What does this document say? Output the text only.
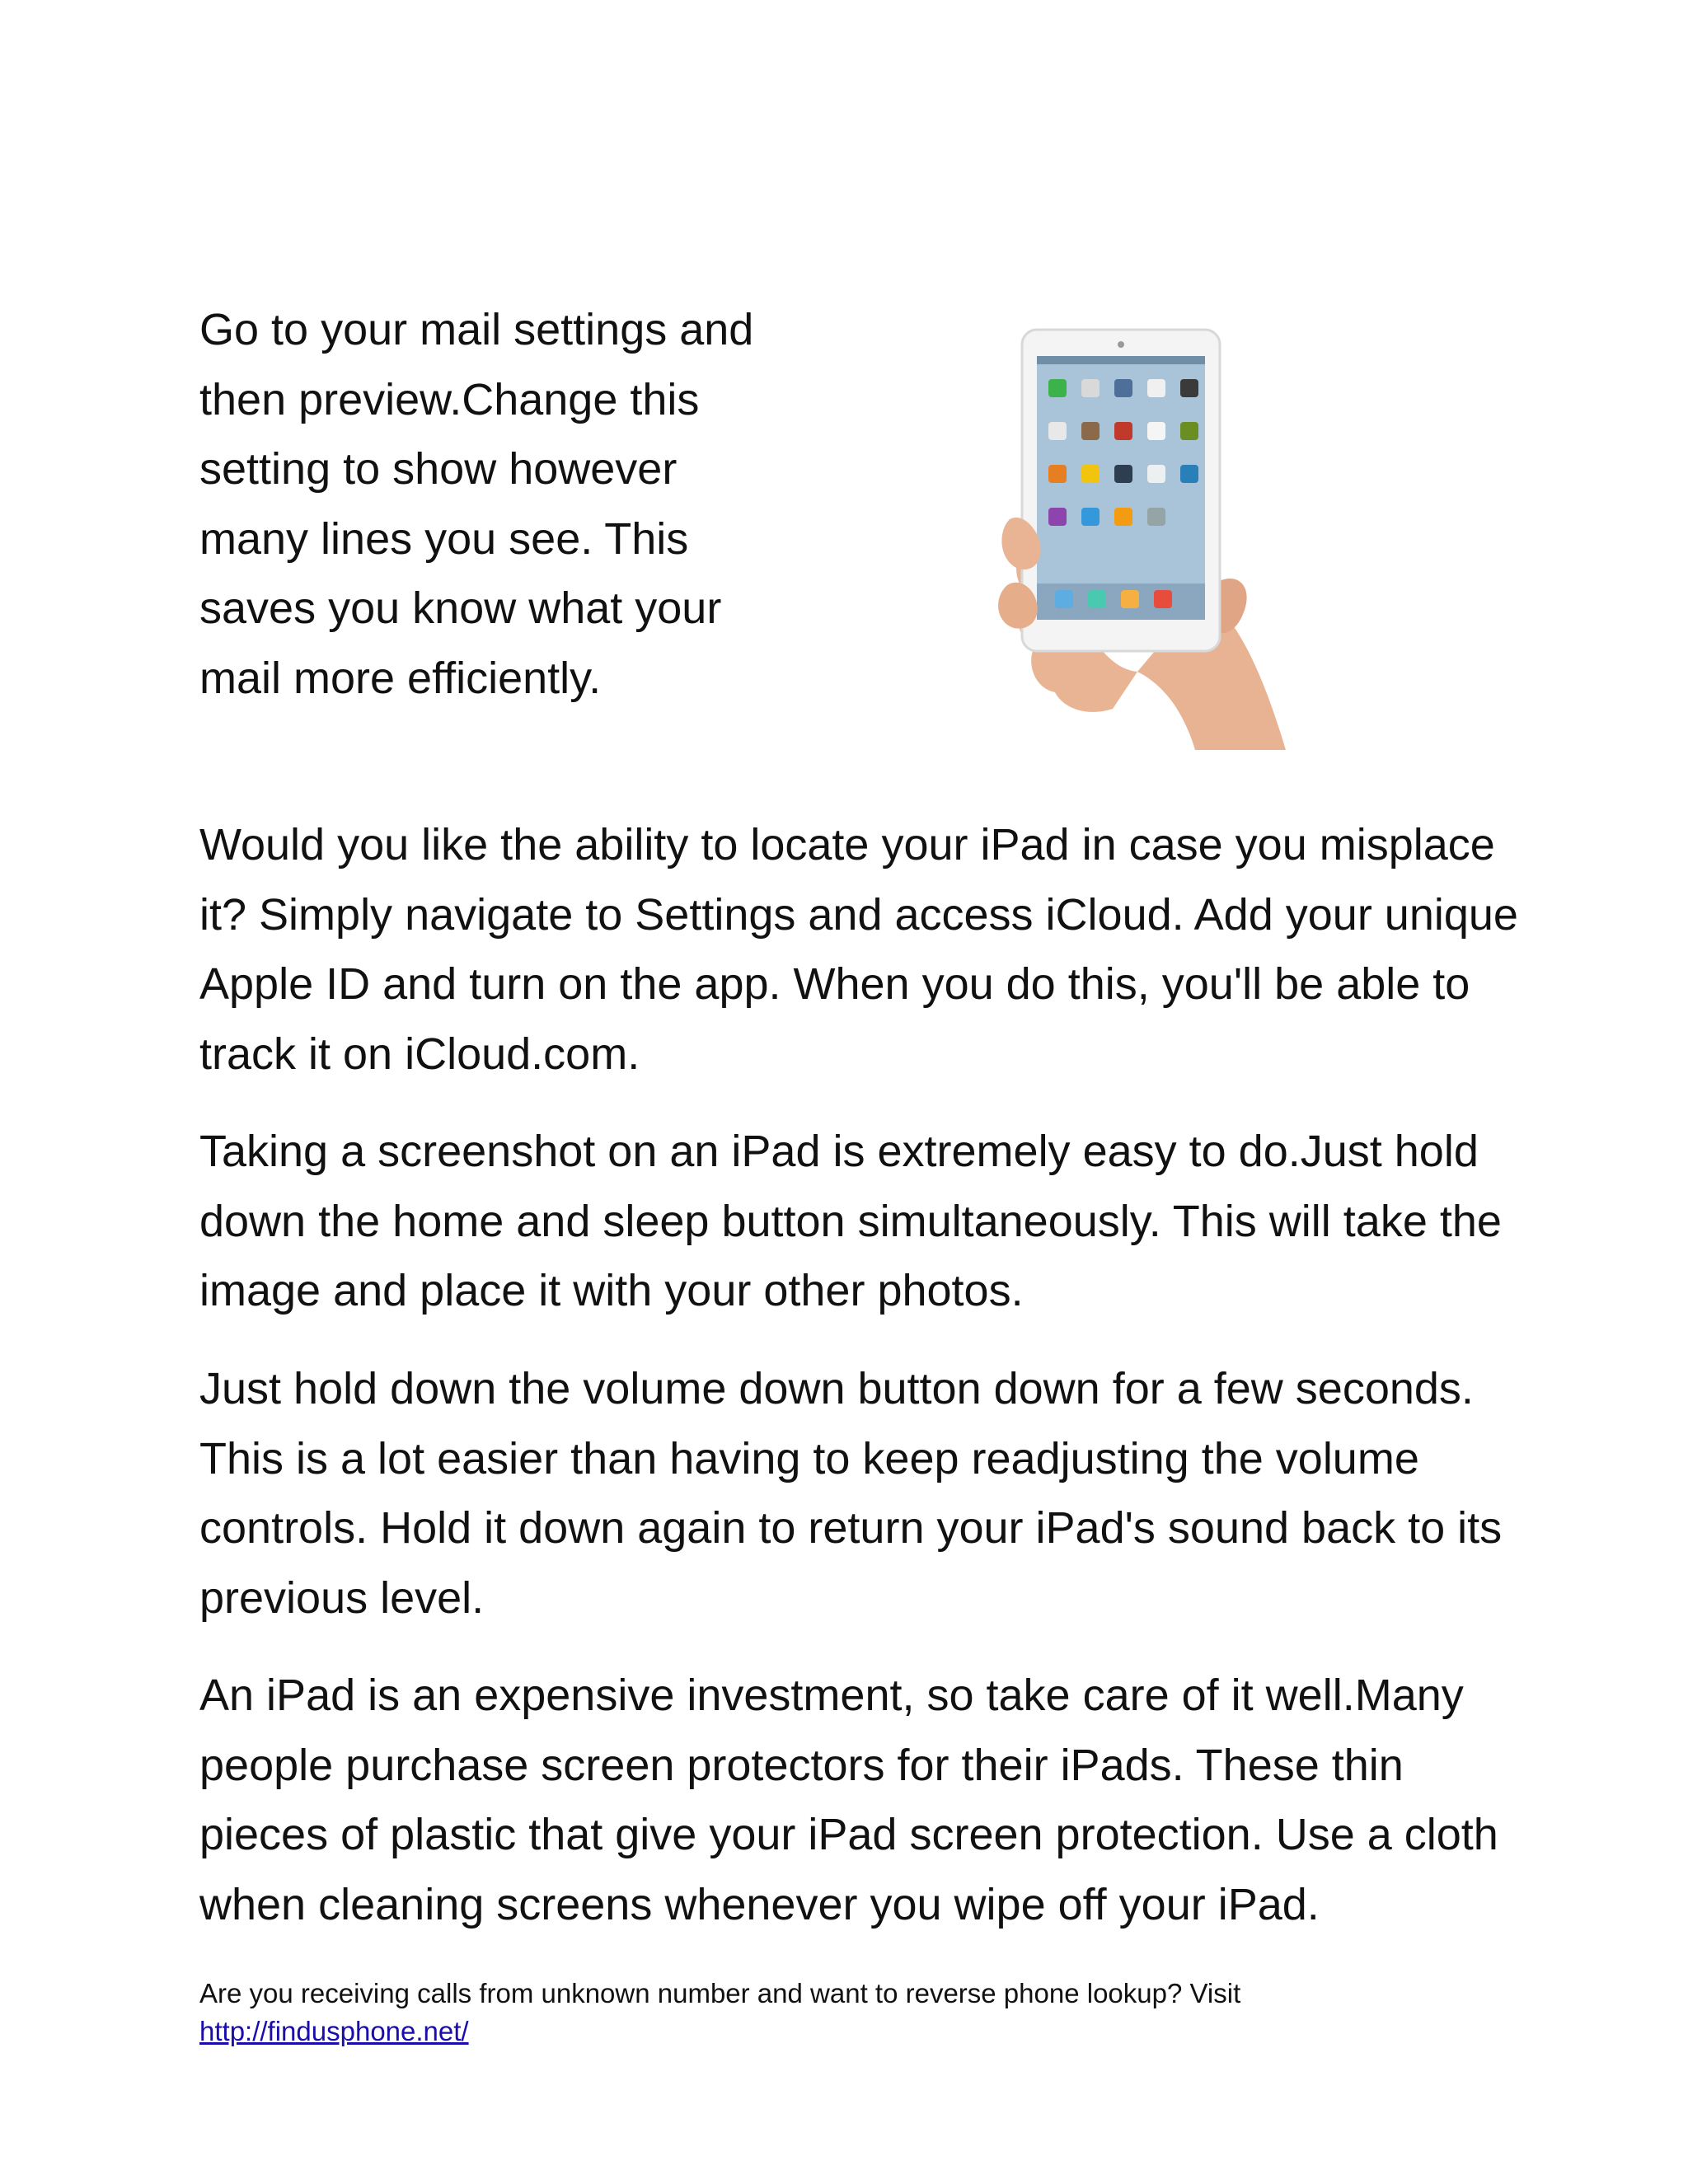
Go to your mail settings and then preview.Change this setting to show however many lines you see. This saves you know what your mail more efficiently.

Would you like the ability to locate your iPad in case you misplace it? Simply navigate to Settings and access iCloud. Add your unique Apple ID and turn on the app. When you do this, you'll be able to track it on iCloud.com.

Taking a screenshot on an iPad is extremely easy to do.Just hold down the home and sleep button simultaneously. This will take the image and place it with your other photos.

Just hold down the volume down button down for a few seconds. This is a lot easier than having to keep readjusting the volume controls. Hold it down again to return your iPad's sound back to its previous level.

An iPad is an expensive investment, so take care of it well.Many people purchase screen protectors for their iPads. These thin pieces of plastic that give your iPad screen protection. Use a cloth when cleaning screens whenever you wipe off your iPad.

Are you receiving calls from unknown number and want to reverse phone lookup? Visit
http://findusphone.net/
